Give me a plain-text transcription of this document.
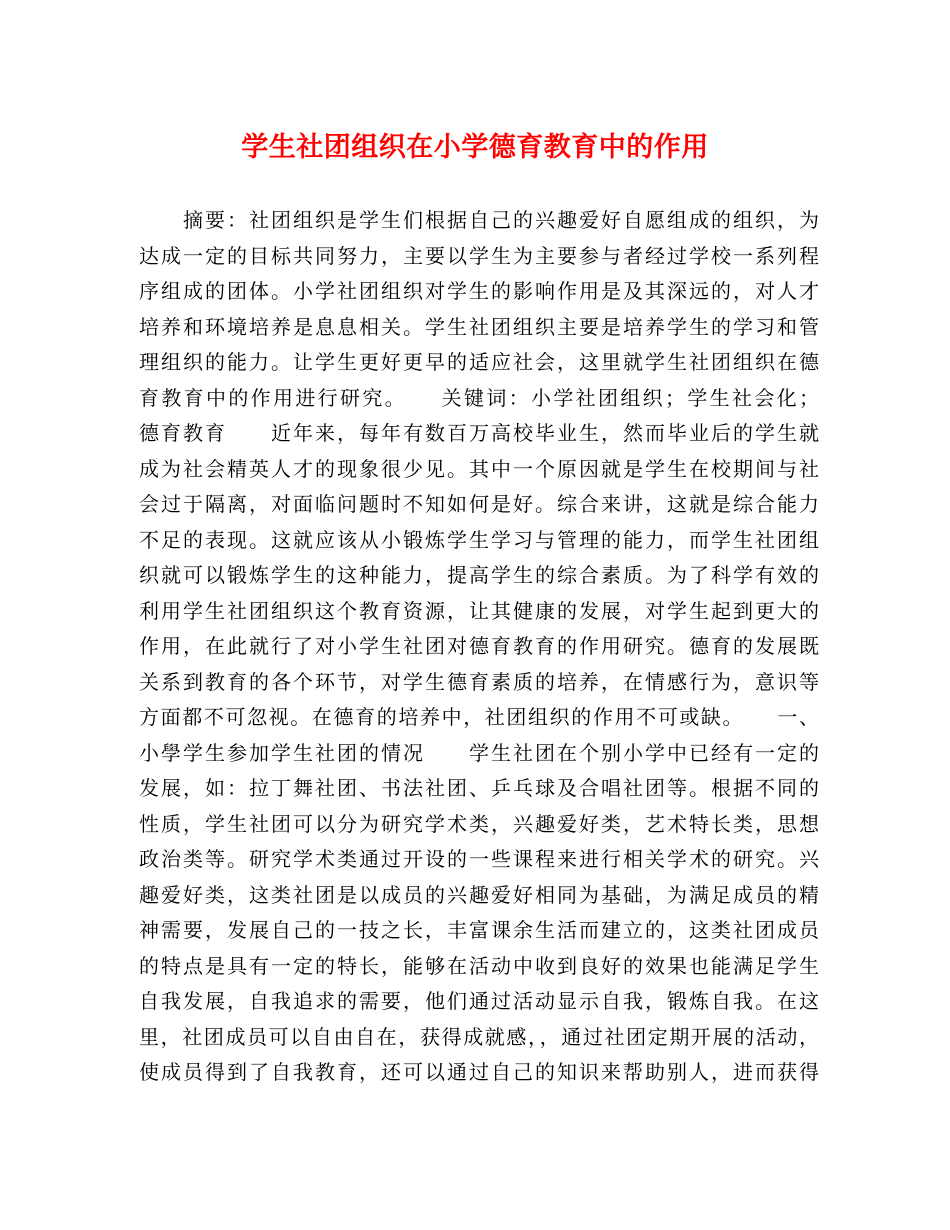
学生社团组织在小学德育教育中的作用
　　摘要：社团组织是学生们根据自己的兴趣爱好自愿组成的组织，为
达成一定的目标共同努力，主要以学生为主要参与者经过学校一系列程
序组成的团体。小学社团组织对学生的影响作用是及其深远的，对人才
培养和环境培养是息息相关。学生社团组织主要是培养学生的学习和管
理组织的能力。让学生更好更早的适应社会，这里就学生社团组织在德
育教育中的作用进行研究。　　关键词：小学社团组织；学生社会化；
德育教育　　近年来，每年有数百万高校毕业生，然而毕业后的学生就
成为社会精英人才的现象很少见。其中一个原因就是学生在校期间与社
会过于隔离，对面临问题时不知如何是好。综合来讲，这就是综合能力
不足的表现。这就应该从小锻炼学生学习与管理的能力，而学生社团组
织就可以锻炼学生的这种能力，提高学生的综合素质。为了科学有效的
利用学生社团组织这个教育资源，让其健康的发展，对学生起到更大的
作用，在此就行了对小学生社团对德育教育的作用研究。德育的发展既
关系到教育的各个环节，对学生德育素质的培养，在情感行为，意识等
方面都不可忽视。在德育的培养中，社团组织的作用不可或缺。　　一、
小學学生参加学生社团的情况　　学生社团在个别小学中已经有一定的
发展，如：拉丁舞社团、书法社团、乒乓球及合唱社团等。根据不同的
性质，学生社团可以分为研究学术类，兴趣爱好类，艺术特长类，思想
政治类等。研究学术类通过开设的一些课程来进行相关学术的研究。兴
趣爱好类，这类社团是以成员的兴趣爱好相同为基础，为满足成员的精
神需要，发展自己的一技之长，丰富课余生活而建立的，这类社团成员
的特点是具有一定的特长，能够在活动中收到良好的效果也能满足学生
自我发展，自我追求的需要，他们通过活动显示自我，锻炼自我。在这
里，社团成员可以自由自在，获得成就感，，通过社团定期开展的活动，
使成员得到了自我教育，还可以通过自己的知识来帮助别人，进而获得
